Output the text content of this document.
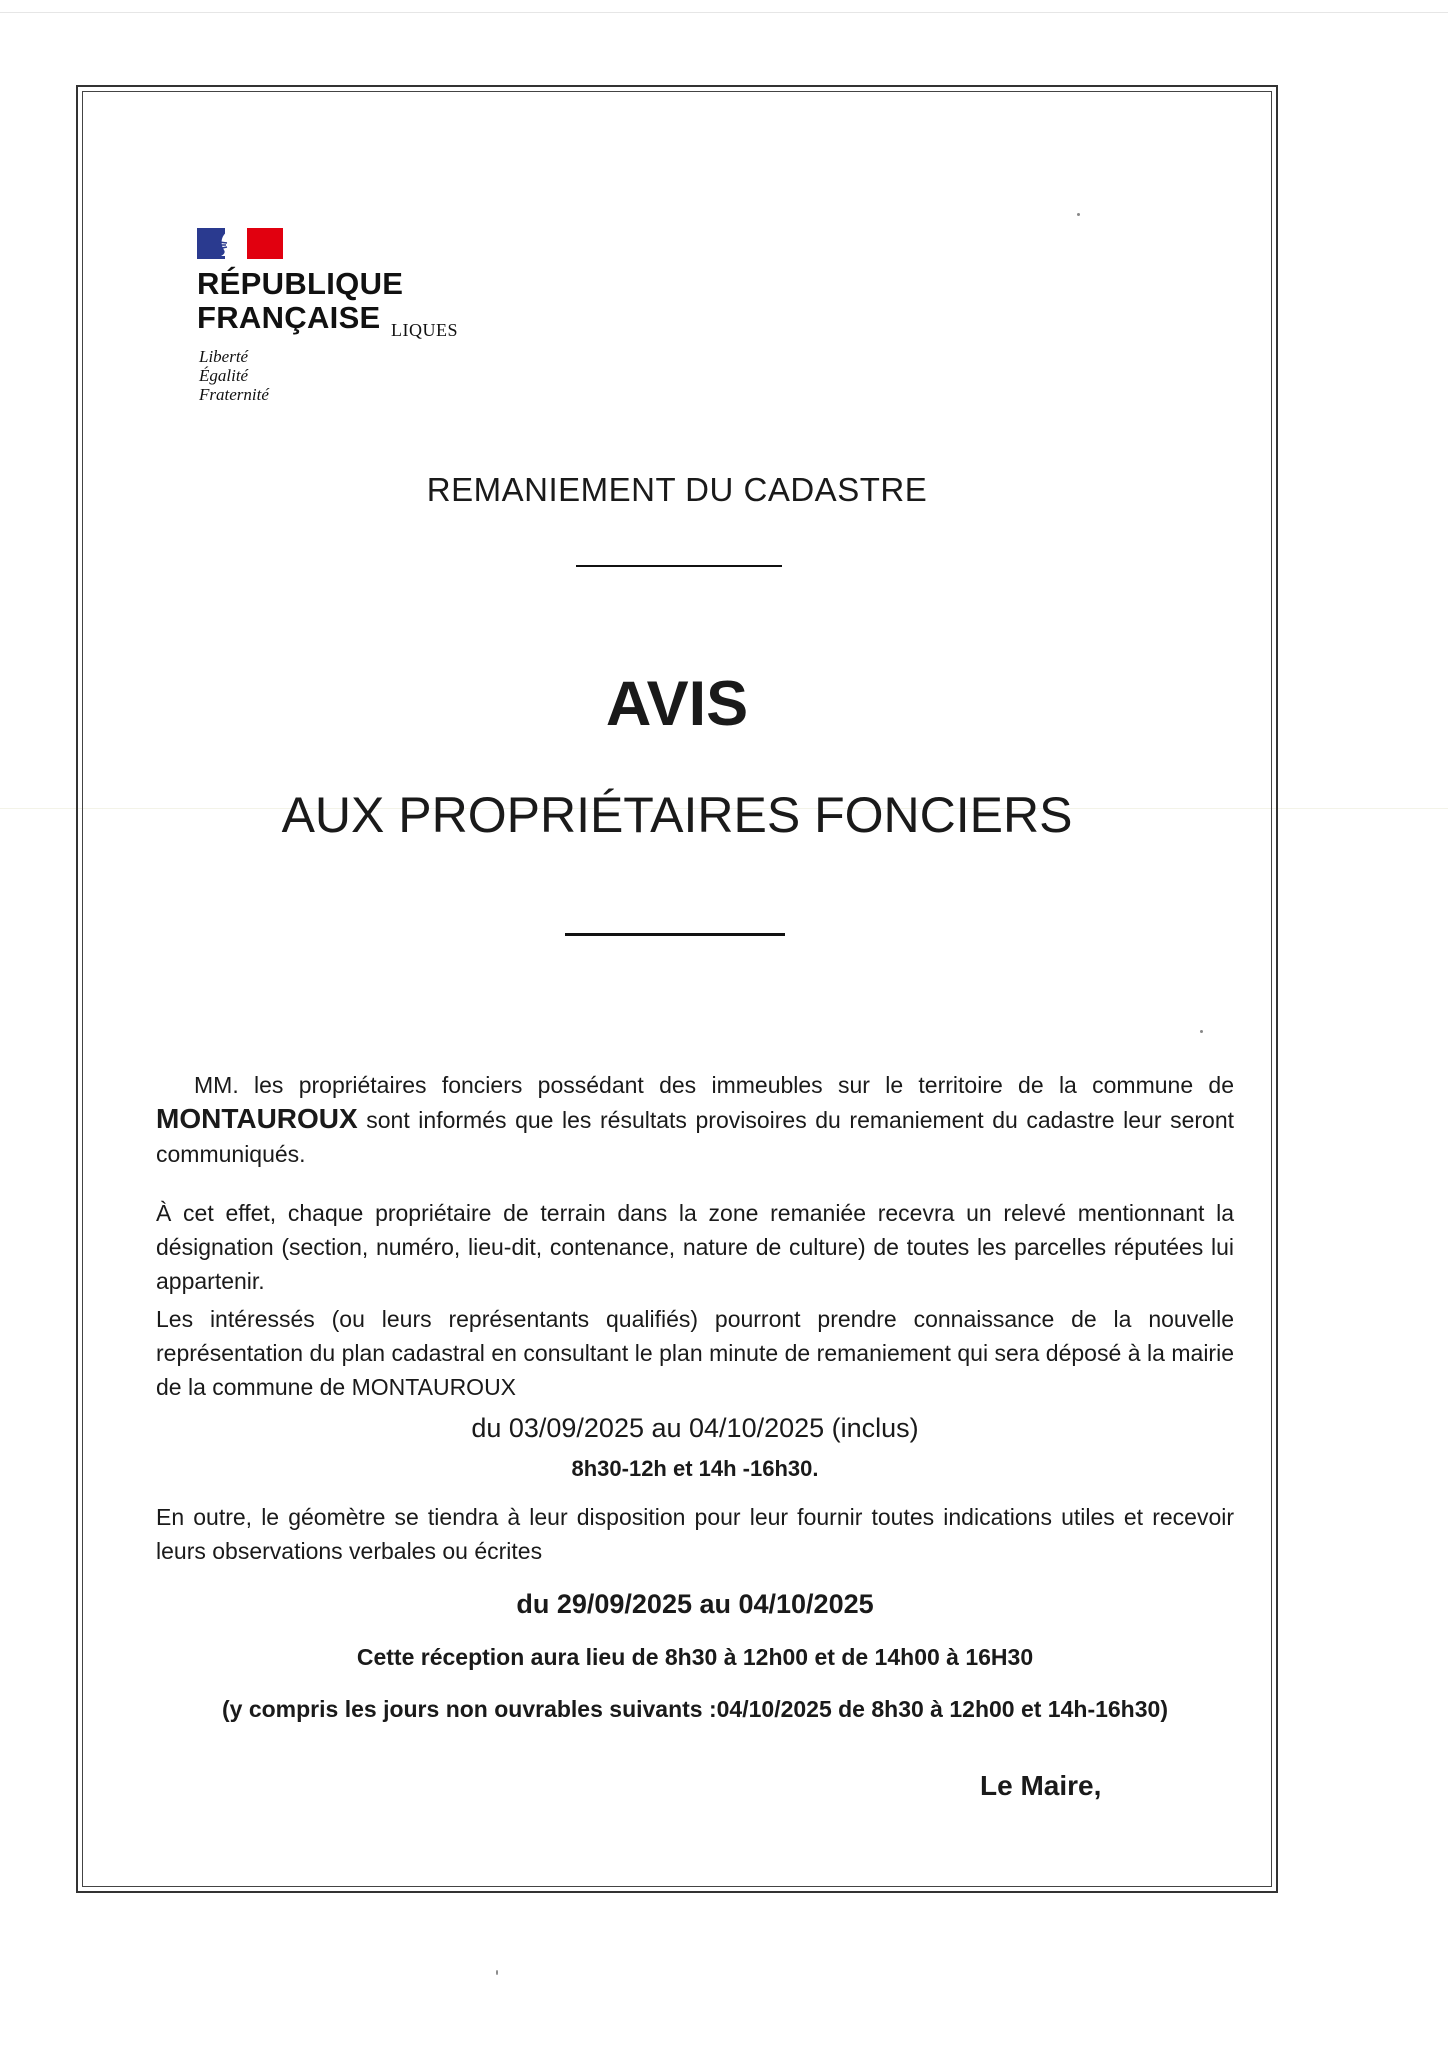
RÉPUBLIQUE
FRANÇAISE LIQUES
Liberté
Égalité
Fraternité
REMANIEMENT DU CADASTRE
AVIS
AUX PROPRIÉTAIRES FONCIERS
MM. les propriétaires fonciers possédant des immeubles sur le territoire de la commune de MONTAUROUX sont informés que les résultats provisoires du remaniement du cadastre leur seront communiqués.
À cet effet, chaque propriétaire de terrain dans la zone remaniée recevra un relevé mentionnant la désignation (section, numéro, lieu-dit, contenance, nature de culture) de toutes les parcelles réputées lui appartenir.
Les intéressés (ou leurs représentants qualifiés) pourront prendre connaissance de la nouvelle représentation du plan cadastral en consultant le plan minute de remaniement qui sera déposé à la mairie de la commune de MONTAUROUX
du 03/09/2025 au 04/10/2025 (inclus)
8h30-12h et 14h -16h30.
En outre, le géomètre se tiendra à leur disposition pour leur fournir toutes indications utiles et recevoir leurs observations verbales ou écrites
du 29/09/2025 au 04/10/2025
Cette réception aura lieu de 8h30 à 12h00 et de 14h00 à 16H30
(y compris les jours non ouvrables suivants :04/10/2025 de 8h30 à 12h00 et 14h-16h30)
Le Maire,
